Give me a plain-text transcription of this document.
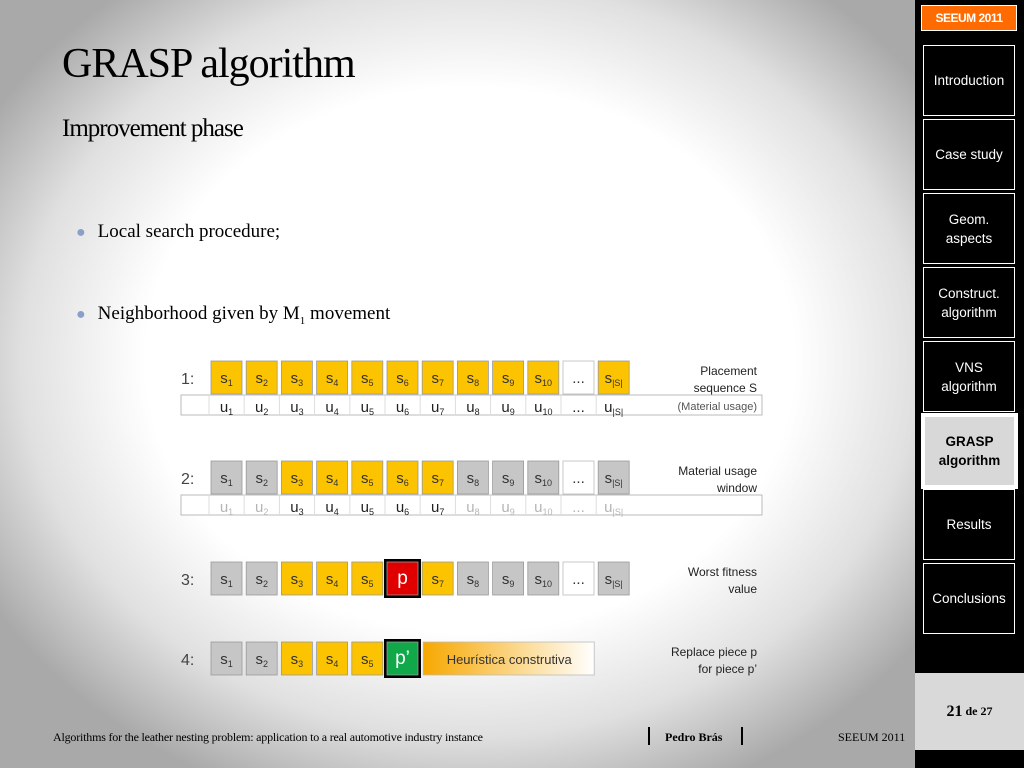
GRASP algorithm
Improvement phase
● Local search procedure;
● Neighborhood given by $M_1$ movement
1: $s_1$ $s_2$ $s_3$ $s_4$ $s_5$ $s_6$ $s_7$ $s_8$ $s_9$ $s_{10}$ ... $s_{|S|}$
$u_1$ $u_2$ $u_3$ $u_4$ $u_5$ $u_6$ $u_7$ $u_8$ $u_9$ $u_{10}$ ... $u_{|S|}$	(Material usage)
Placement
sequence S
2: $s_1$ $s_2$ $s_3$ $s_4$ $s_5$ $s_6$ $s_7$ $s_8$ $s_9$ $s_{10}$ ... $s_{|S|}$
$u_1$ $u_2$ $u_3$ $u_4$ $u_5$ $u_6$ $u_7$ $u_8$ $u_9$ $u_{10}$ ... $u_{|S|}$
Material usage
window
3: $s_1$ $s_2$ $s_3$ $s_4$ $s_5$ p $s_7$ $s_8$ $s_9$ $s_{10}$ ... $s_{|S|}$
Worst fitness
value
4: $s_1$ $s_2$ $s_3$ $s_4$ $s_5$ p’	Heurística construtiva	Replace piece p
for piece p’
SEEUM 2011
Introduction
Case study
Geom. aspects
Construct. algorithm
VNS algorithm
GRASP algorithm
Results
Conclusions
21 de 27
Algorithms for the leather nesting problem: application to a real automotive industry instance	Pedro Brás	SEEUM 2011
